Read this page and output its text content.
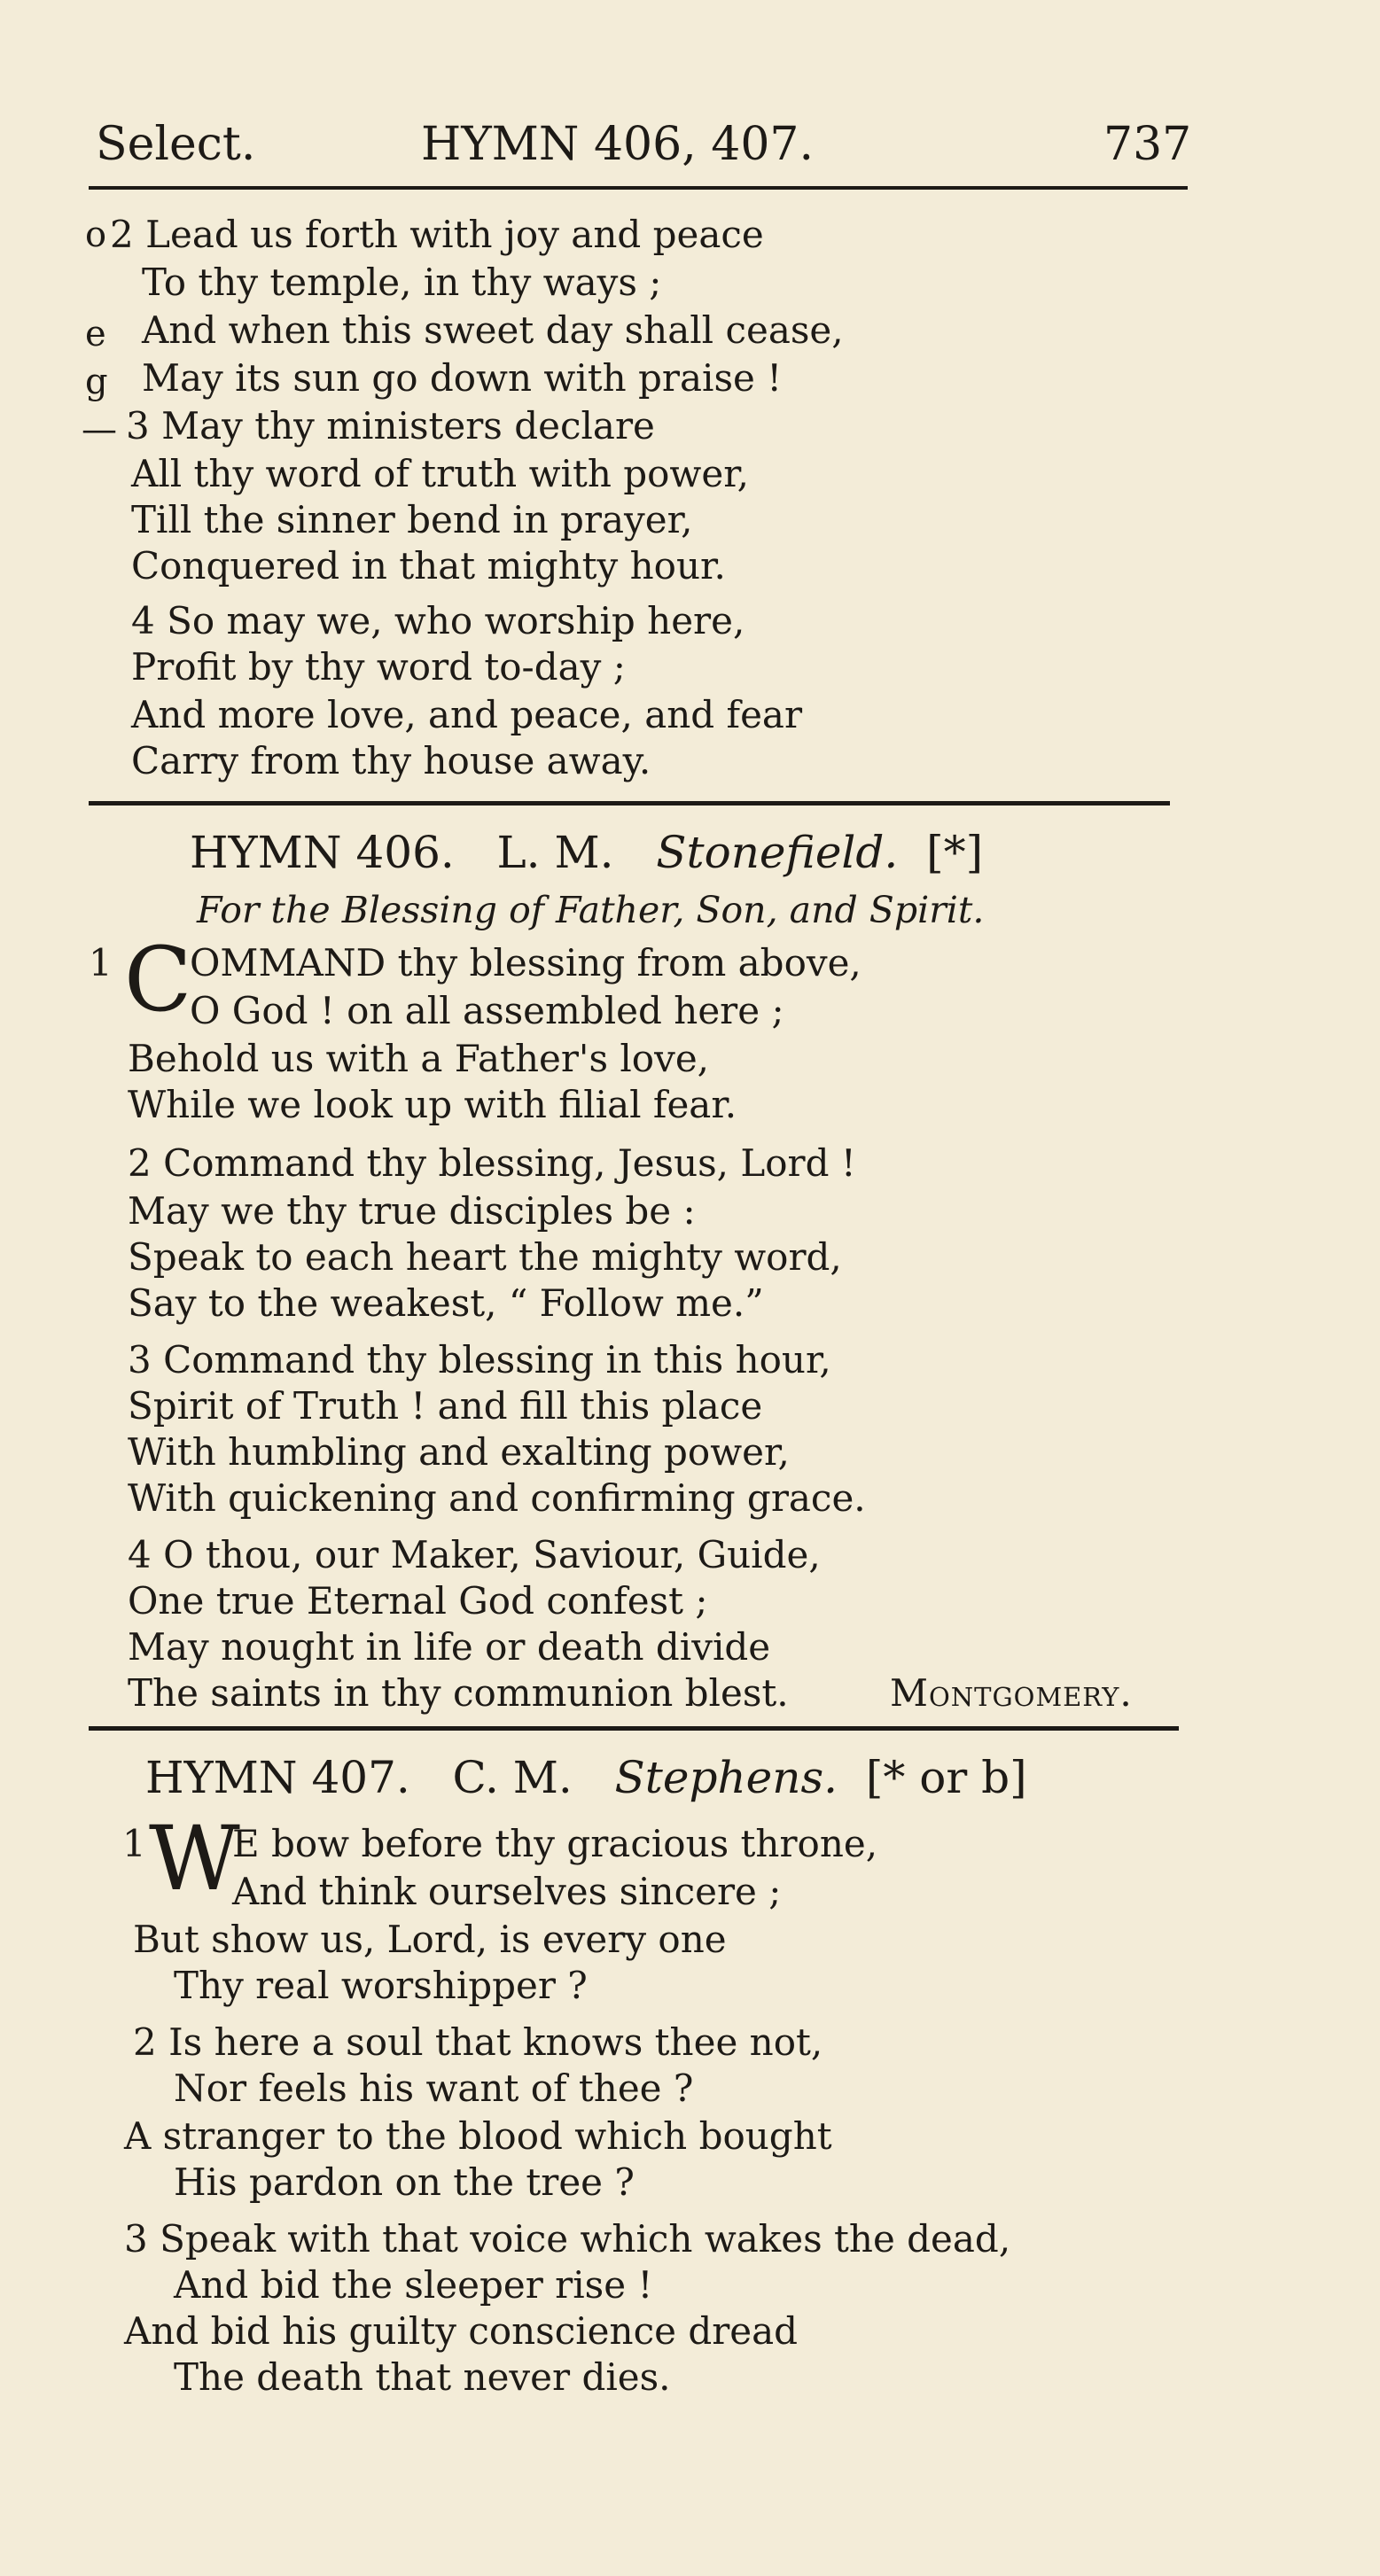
Select.	HYMN 406, 407.	737
o
e
g
—
2 Lead us forth with joy and peace
To thy temple, in thy ways ;
And when this sweet day shall cease,
May its sun go down with praise !
3 May thy ministers declare
All thy word of truth with power,
Till the sinner bend in prayer,
Conquered in that mighty hour.
4 So may we, who worship here,
Profit by thy word to-day ;
And more love, and peace, and fear
Carry from thy house away.
HYMN 406. L. M. Stonefield. [*]
For the Blessing of Father, Son, and Spirit.
1 C
OMMAND thy blessing from above,
O God ! on all assembled here ;
Behold us with a Father's love,
While we look up with filial fear.
2 Command thy blessing, Jesus, Lord !
May we thy true disciples be :
Speak to each heart the mighty word,
Say to the weakest, “ Follow me.”
3 Command thy blessing in this hour,
Spirit of Truth ! and fill this place
With humbling and exalting power,
With quickening and confirming grace.
4 O thou, our Maker, Saviour, Guide,
One true Eternal God confest ;
May nought in life or death divide
The saints in thy communion blest.	Montgomery.
HYMN 407. C. M. Stephens. [* or b]
1 W
E bow before thy gracious throne,
And think ourselves sincere ;
But show us, Lord, is every one
Thy real worshipper ?
2 Is here a soul that knows thee not,
Nor feels his want of thee ?
A stranger to the blood which bought
His pardon on the tree ?
3 Speak with that voice which wakes the dead,
And bid the sleeper rise !
And bid his guilty conscience dread
The death that never dies.
